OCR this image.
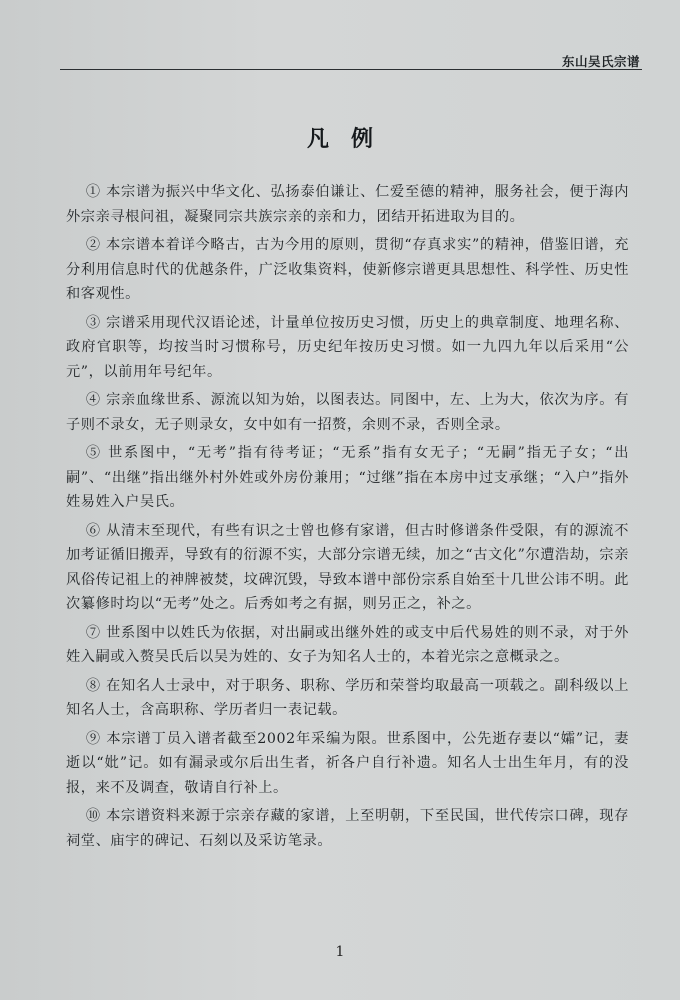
东山吴氏宗谱
凡例

① 本宗谱为振兴中华文化、弘扬泰伯谦让、仁爱至德的精神，服务社会，便于海内外宗亲寻根问祖，凝聚同宗共族宗亲的亲和力，团结开拓进取为目的。

② 本宗谱本着详今略古，古为今用的原则，贯彻“存真求实”的精神，借鉴旧谱，充分利用信息时代的优越条件，广泛收集资料，使新修宗谱更具思想性、科学性、历史性和客观性。

③ 宗谱采用现代汉语论述，计量单位按历史习惯，历史上的典章制度、地理名称、政府官职等，均按当时习惯称号，历史纪年按历史习惯。如一九四九年以后采用“公元”，以前用年号纪年。

④ 宗亲血缘世系、源流以知为始，以图表达。同图中，左、上为大，依次为序。有子则不录女，无子则录女，女中如有一招赘，余则不录，否则全录。

⑤ 世系图中，“无考”指有待考证；“无系”指有女无子；“无嗣”指无子女；“出嗣”、“出继”指出继外村外姓或外房份兼用；“过继”指在本房中过支承继；“入户”指外姓易姓入户吴氏。

⑥ 从清末至现代，有些有识之士曾也修有家谱，但古时修谱条件受限，有的源流不加考证循旧搬弄，导致有的衍源不实，大部分宗谱无续，加之“古文化”尔遭浩劫，宗亲风俗传记祖上的神牌被焚，坟碑沉毁，导致本谱中部份宗系自始至十几世公讳不明。此次纂修时均以“无考”处之。后秀如考之有据，则另正之，补之。

⑦ 世系图中以姓氏为依据，对出嗣或出继外姓的或支中后代易姓的则不录，对于外姓入嗣或入赘吴氏后以吴为姓的、女子为知名人士的，本着光宗之意概录之。

⑧ 在知名人士录中，对于职务、职称、学历和荣誉均取最高一项载之。副科级以上知名人士，含高职称、学历者归一表记载。

⑨ 本宗谱丁员入谱者截至2002年采编为限。世系图中，公先逝存妻以“孀”记，妻逝以“妣”记。如有漏录或尔后出生者，祈各户自行补遗。知名人士出生年月，有的没报，来不及调查，敬请自行补上。

⑩ 本宗谱资料来源于宗亲存藏的家谱，上至明朝，下至民国，世代传宗口碑，现存祠堂、庙宇的碑记、石刻以及采访笔录。

1
